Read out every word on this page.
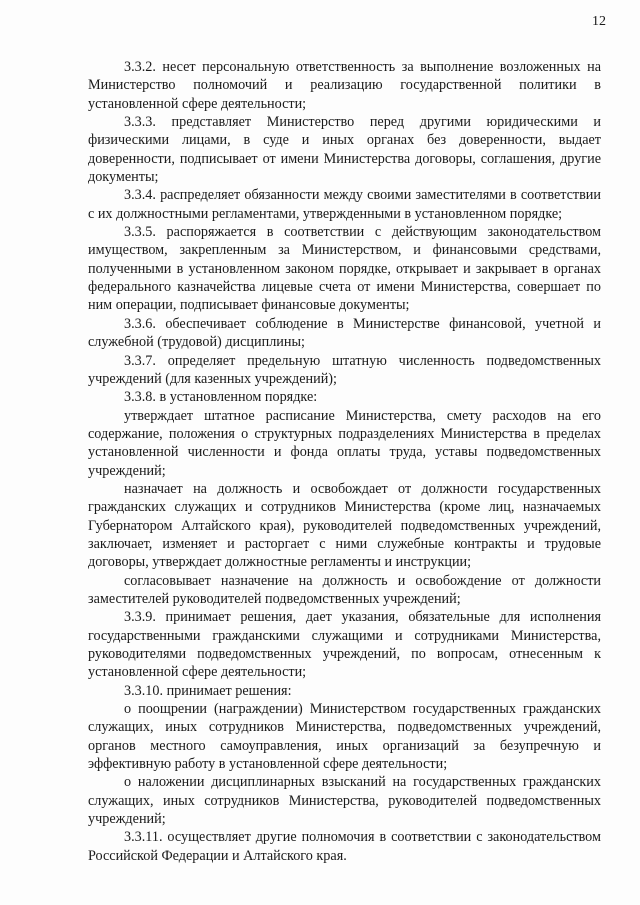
12

3.3.2. несет персональную ответственность за выполнение возложенных на Министерство полномочий и реализацию государственной политики в установленной сфере деятельности;

3.3.3. представляет Министерство перед другими юридическими и физическими лицами, в суде и иных органах без доверенности, выдает доверенности, подписывает от имени Министерства договоры, соглашения, другие документы;

3.3.4. распределяет обязанности между своими заместителями в соответствии с их должностными регламентами, утвержденными в установленном порядке;

3.3.5. распоряжается в соответствии с действующим законодательством имуществом, закрепленным за Министерством, и финансовыми средствами, полученными в установленном законом порядке, открывает и закрывает в органах федерального казначейства лицевые счета от имени Министерства, совершает по ним операции, подписывает финансовые документы;

3.3.6. обеспечивает соблюдение в Министерстве финансовой, учетной и служебной (трудовой) дисциплины;

3.3.7. определяет предельную штатную численность подведомственных учреждений (для казенных учреждений);

3.3.8. в установленном порядке:

утверждает штатное расписание Министерства, смету расходов на его содержание, положения о структурных подразделениях Министерства в пределах установленной численности и фонда оплаты труда, уставы подведомственных учреждений;

назначает на должность и освобождает от должности государственных гражданских служащих и сотрудников Министерства (кроме лиц, назначаемых Губернатором Алтайского края), руководителей подведомственных учреждений, заключает, изменяет и расторгает с ними служебные контракты и трудовые договоры, утверждает должностные регламенты и инструкции;

согласовывает назначение на должность и освобождение от должности заместителей руководителей подведомственных учреждений;

3.3.9. принимает решения, дает указания, обязательные для исполнения государственными гражданскими служащими и сотрудниками Министерства, руководителями подведомственных учреждений, по вопросам, отнесенным к установленной сфере деятельности;

3.3.10. принимает решения:

о поощрении (награждении) Министерством государственных гражданских служащих, иных сотрудников Министерства, подведомственных учреждений, органов местного самоуправления, иных организаций за безупречную и эффективную работу в установленной сфере деятельности;

о наложении дисциплинарных взысканий на государственных гражданских служащих, иных сотрудников Министерства, руководителей подведомственных учреждений;

3.3.11. осуществляет другие полномочия в соответствии с законодательством Российской Федерации и Алтайского края.
